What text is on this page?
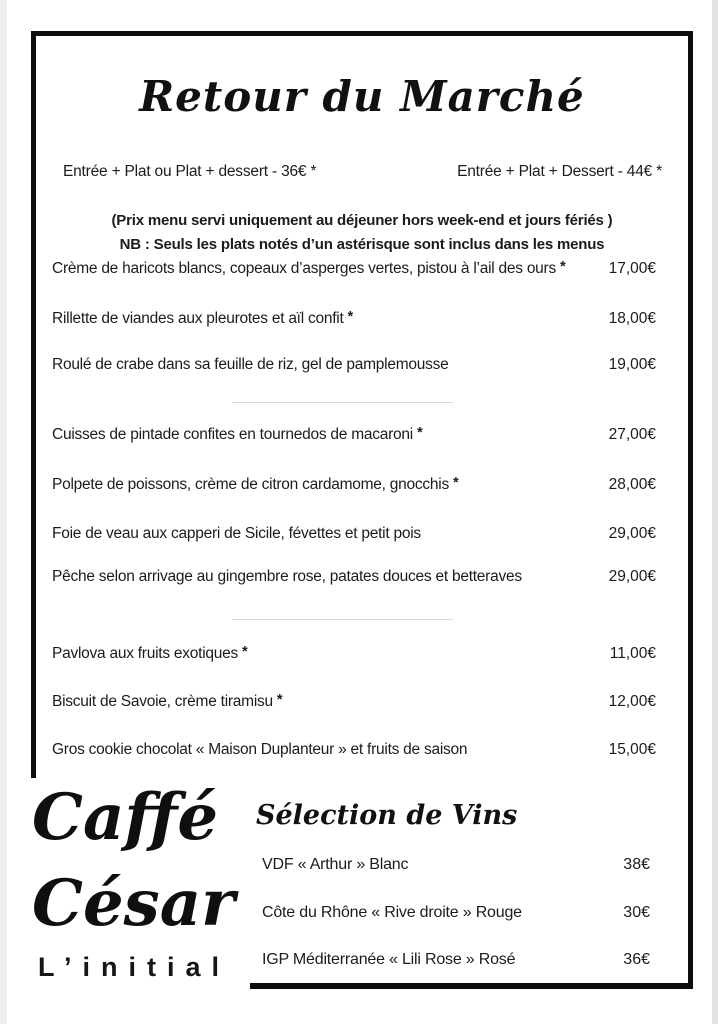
Retour du Marché
Entrée + Plat ou Plat + dessert - 36€ *	Entrée + Plat + Dessert - 44€ *
(Prix menu servi uniquement au déjeuner hors week-end et jours fériés )
NB : Seuls les plats notés d’un astérisque sont inclus dans les menus
Crème de haricots blancs, copeaux d’asperges vertes, pistou à l’ail des ours *	17,00€
Rillette de viandes aux pleurotes et aïl confit *	18,00€
Roulé de crabe dans sa feuille de riz, gel de pamplemousse	19,00€
Cuisses de pintade confites en tournedos de macaroni *	27,00€
Polpete de poissons, crème de citron cardamome, gnocchis *	28,00€
Foie de veau aux capperi de Sicile, févettes et petit pois	29,00€
Pêche selon arrivage au gingembre rose, patates douces et betteraves	29,00€
Pavlova aux fruits exotiques *	11,00€
Biscuit de Savoie, crème tiramisu *	12,00€
Gros cookie chocolat « Maison Duplanteur » et fruits de saison	15,00€
Caffé
César
L’initial
Sélection de Vins
VDF « Arthur » Blanc	38€
Côte du Rhône « Rive droite » Rouge	30€
IGP Méditerranée « Lili Rose » Rosé	36€
